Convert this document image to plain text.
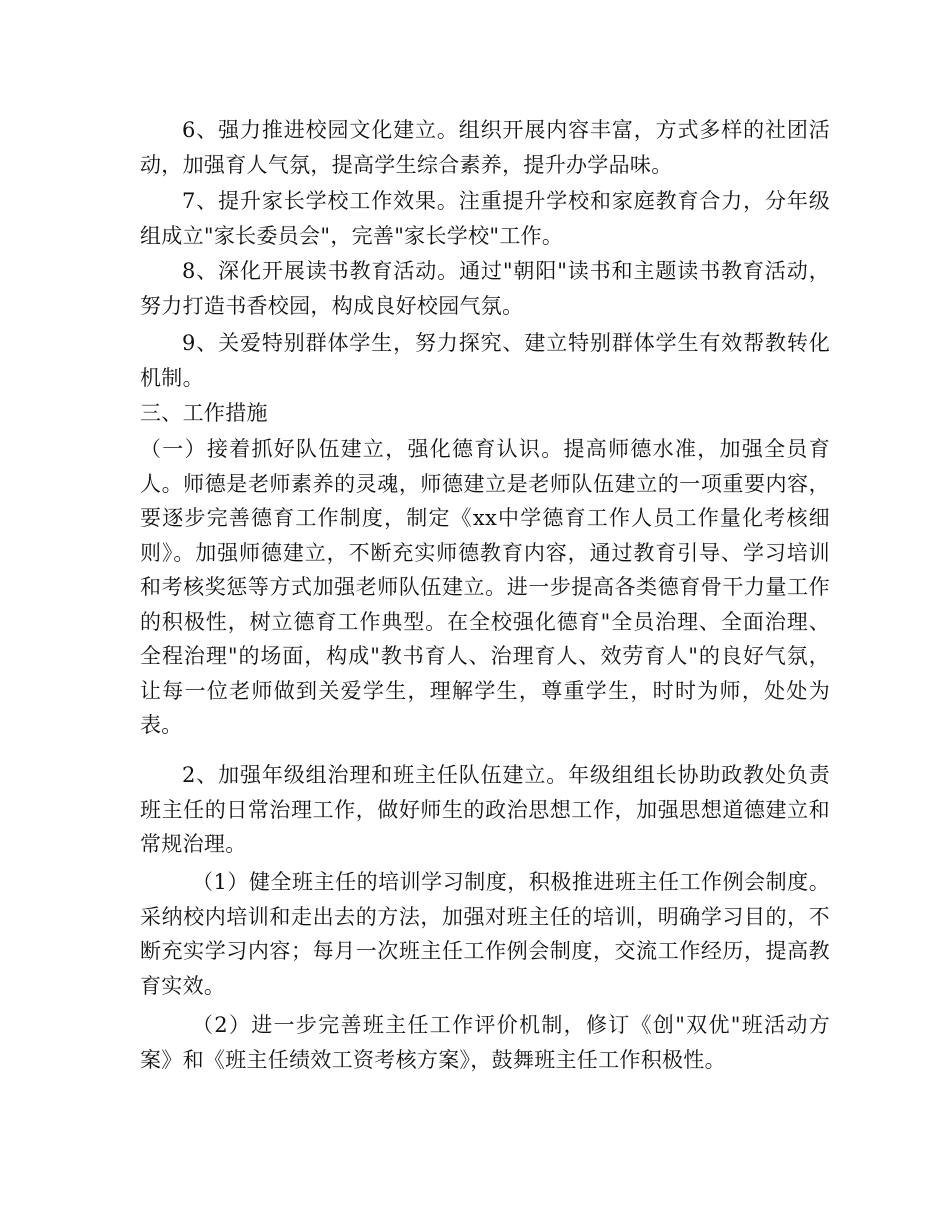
6、强力推进校园文化建立。组织开展内容丰富，方式多样的社团活动，加强育人气氛，提高学生综合素养，提升办学品味。

7、提升家长学校工作效果。注重提升学校和家庭教育合力，分年级组成立"家长委员会"，完善"家长学校"工作。

8、深化开展读书教育活动。通过"朝阳"读书和主题读书教育活动，努力打造书香校园，构成良好校园气氛。

9、关爱特别群体学生，努力探究、建立特别群体学生有效帮教转化机制。

三、工作措施

（一）接着抓好队伍建立，强化德育认识。提高师德水准，加强全员育人。师德是老师素养的灵魂，师德建立是老师队伍建立的一项重要内容，要逐步完善德育工作制度，制定《xx中学德育工作人员工作量化考核细则》。加强师德建立，不断充实师德教育内容，通过教育引导、学习培训和考核奖惩等方式加强老师队伍建立。进一步提高各类德育骨干力量工作的积极性，树立德育工作典型。在全校强化德育"全员治理、全面治理、全程治理"的场面，构成"教书育人、治理育人、效劳育人"的良好气氛，让每一位老师做到关爱学生，理解学生，尊重学生，时时为师，处处为表。

2、加强年级组治理和班主任队伍建立。年级组组长协助政教处负责班主任的日常治理工作，做好师生的政治思想工作，加强思想道德建立和常规治理。

（1）健全班主任的培训学习制度，积极推进班主任工作例会制度。采纳校内培训和走出去的方法，加强对班主任的培训，明确学习目的，不断充实学习内容；每月一次班主任工作例会制度，交流工作经历，提高教育实效。

（2）进一步完善班主任工作评价机制，修订《创"双优"班活动方案》和《班主任绩效工资考核方案》，鼓舞班主任工作积极性。
